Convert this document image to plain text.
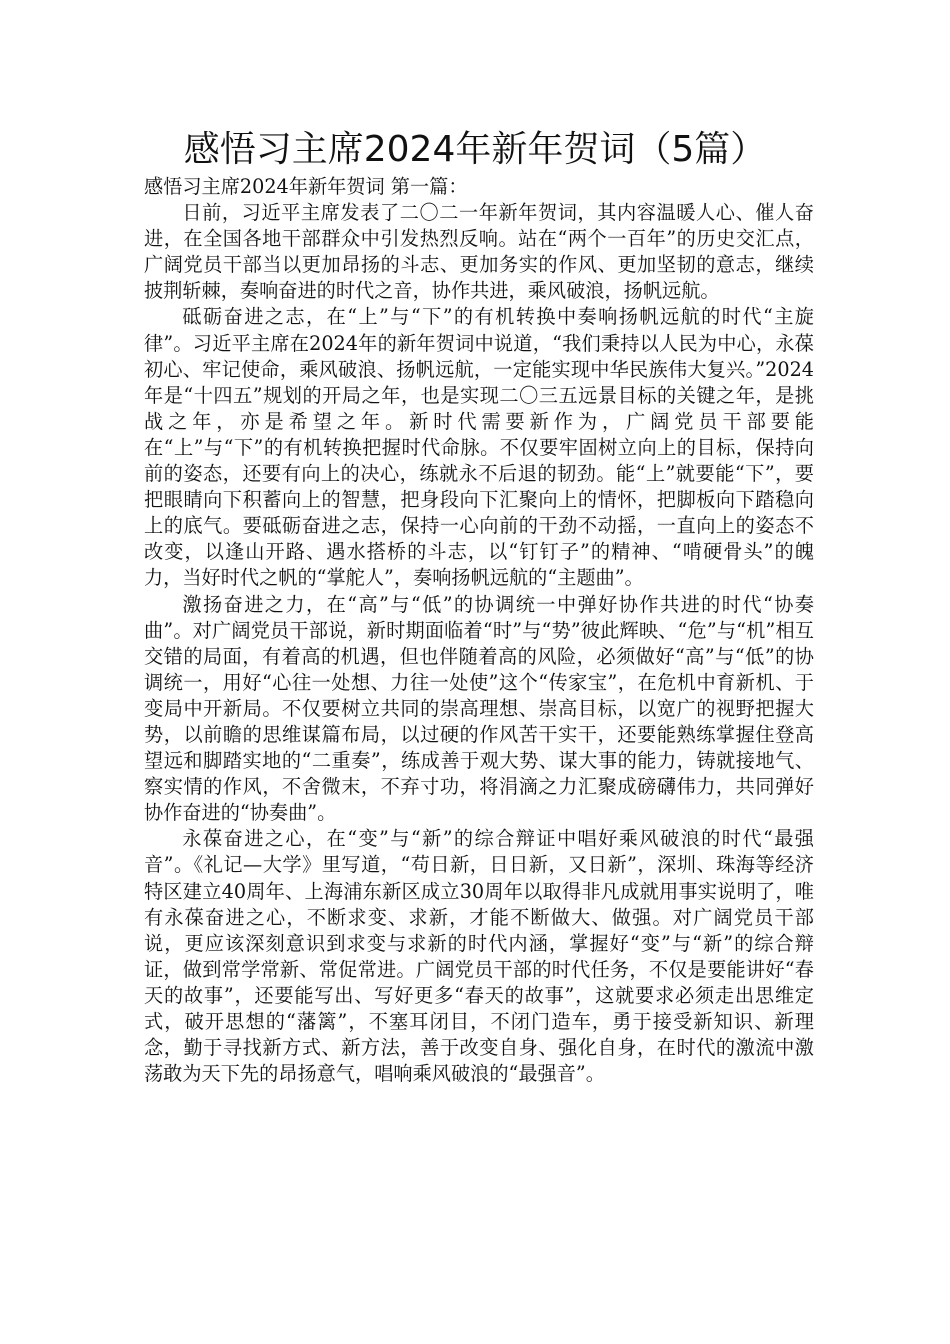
感悟习主席2024年新年贺词（5篇）

感悟习主席2024年新年贺词 第一篇：

日前，习近平主席发表了二〇二一年新年贺词，其内容温暖人心、催人奋进，在全国各地干部群众中引发热烈反响。站在“两个一百年”的历史交汇点，广阔党员干部当以更加昂扬的斗志、更加务实的作风、更加坚韧的意志，继续披荆斩棘，奏响奋进的时代之音，协作共进，乘风破浪，扬帆远航。

砥砺奋进之志，在“上”与“下”的有机转换中奏响扬帆远航的时代“主旋律”。习近平主席在2024年的新年贺词中说道，“我们秉持以人民为中心，永葆初心、牢记使命，乘风破浪、扬帆远航，一定能实现中华民族伟大复兴。”2024年是“十四五”规划的开局之年，也是实现二〇三五远景目标的关键之年，是挑战之年，亦是希望之年。新时代需要新作为，广阔党员干部要能在“上”与“下”的有机转换把握时代命脉。不仅要牢固树立向上的目标，保持向前的姿态，还要有向上的决心，练就永不后退的韧劲。能“上”就要能“下”，要把眼睛向下积蓄向上的智慧，把身段向下汇聚向上的情怀，把脚板向下踏稳向上的底气。要砥砺奋进之志，保持一心向前的干劲不动摇，一直向上的姿态不改变，以逢山开路、遇水搭桥的斗志，以“钉钉子”的精神、“啃硬骨头”的魄力，当好时代之帆的“掌舵人”，奏响扬帆远航的“主题曲”。

激扬奋进之力，在“高”与“低”的协调统一中弹好协作共进的时代“协奏曲”。对广阔党员干部说，新时期面临着“时”与“势”彼此辉映、“危”与“机”相互交错的局面，有着高的机遇，但也伴随着高的风险，必须做好“高”与“低”的协调统一，用好“心往一处想、力往一处使”这个“传家宝”，在危机中育新机、于变局中开新局。不仅要树立共同的崇高理想、崇高目标，以宽广的视野把握大势，以前瞻的思维谋篇布局，以过硬的作风苦干实干，还要能熟练掌握住登高望远和脚踏实地的“二重奏”，练成善于观大势、谋大事的能力，铸就接地气、察实情的作风，不舍微末，不弃寸功，将涓滴之力汇聚成磅礴伟力，共同弹好协作奋进的“协奏曲”。

永葆奋进之心，在“变”与“新”的综合辩证中唱好乘风破浪的时代“最强音”。《礼记—大学》里写道，“苟日新，日日新，又日新”，深圳、珠海等经济特区建立40周年、上海浦东新区成立30周年以取得非凡成就用事实说明了，唯有永葆奋进之心，不断求变、求新，才能不断做大、做强。对广阔党员干部说，更应该深刻意识到求变与求新的时代内涵，掌握好“变”与“新”的综合辩证，做到常学常新、常促常进。广阔党员干部的时代任务，不仅是要能讲好“春天的故事”，还要能写出、写好更多“春天的故事”，这就要求必须走出思维定式，破开思想的“藩篱”，不塞耳闭目，不闭门造车，勇于接受新知识、新理念，勤于寻找新方式、新方法，善于改变自身、强化自身，在时代的激流中激荡敢为天下先的昂扬意气，唱响乘风破浪的“最强音”。
